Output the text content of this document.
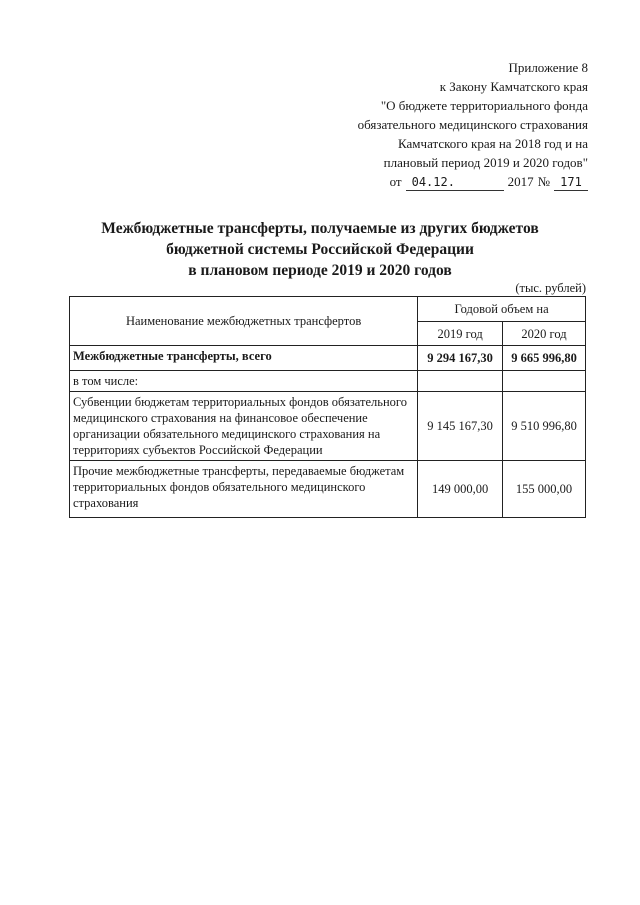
Приложение 8
к Закону Камчатского края
"О бюджете территориального фонда
обязательного медицинского страхования
Камчатского края на 2018 год и на
плановый период 2019 и 2020 годов"
от 04.12.	2017 № 171
Межбюджетные трансферты, получаемые из других бюджетов
бюджетной системы Российской Федерации
в плановом периоде 2019 и 2020 годов
(тыс. рублей)
Наименование межбюджетных трансфертов	Годовой объем на	
	2019 год	2020 год
Межбюджетные трансферты, всего	9 294 167,30	9 665 996,80
в том числе:		
Субвенции бюджетам территориальных фондов обязательного медицинского страхования на финансовое обеспечение организации обязательного медицинского страхования на территориях субъектов Российской Федерации	9 145 167,30	9 510 996,80
Прочие межбюджетные трансферты, передаваемые бюджетам территориальных фондов обязательного медицинского страхования	149 000,00	155 000,00
